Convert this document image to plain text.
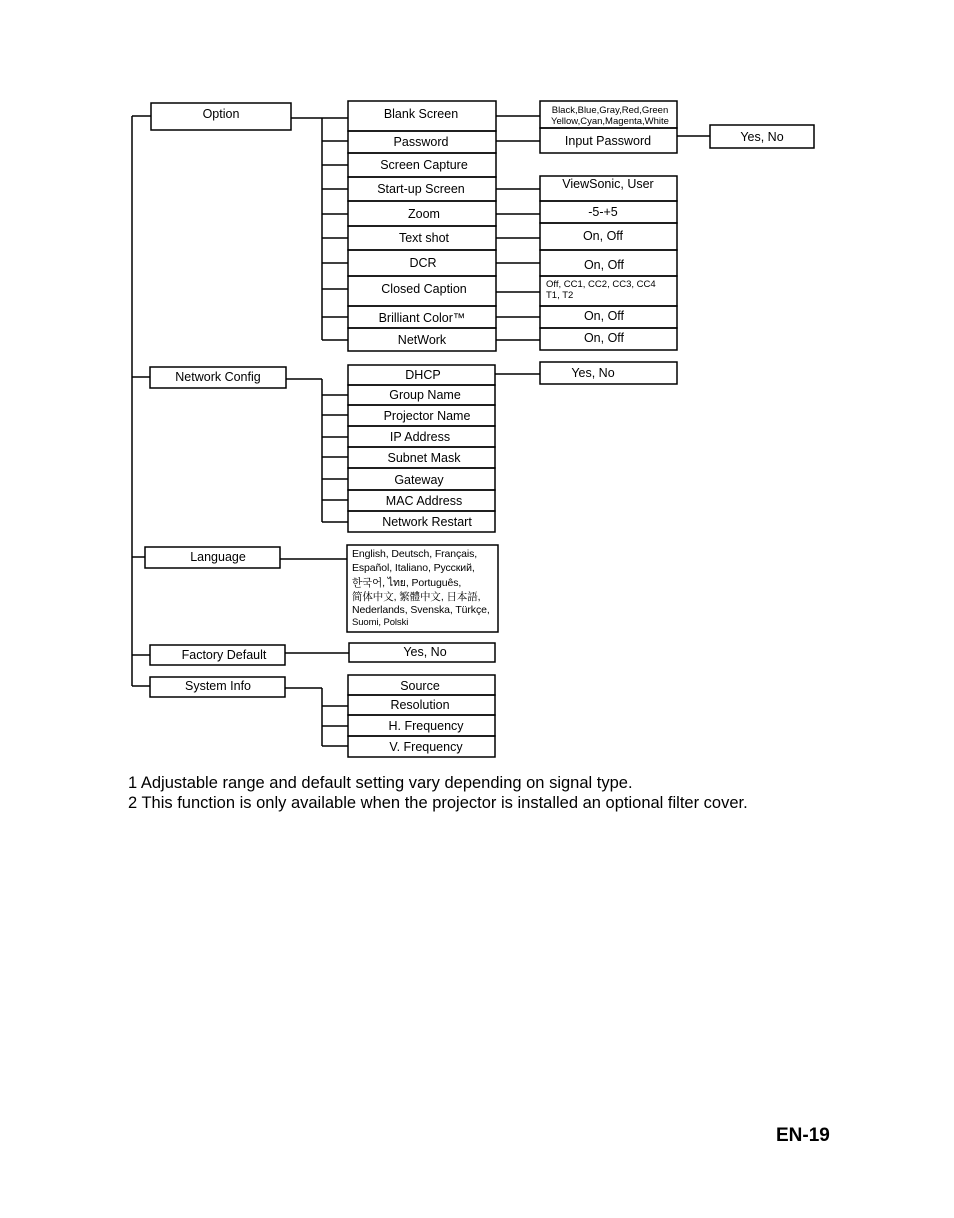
Option
Network Config
Language
Factory Default
System Info
Blank Screen
Password
Screen Capture
Start-up Screen
Zoom
Text shot
DCR
Closed Caption
Brilliant Color™
NetWork
Black,Blue,Gray,Red,Green
Yellow,Cyan,Magenta,White
Input Password	Yes, No
ViewSonic, User
-5-+5
On, Off
On, Off
On, Off
On, Off
Off, CC1, CC2, CC3, CC4
T1, T2
DHCP
Group Name
Projector Name
IP Address
Subnet Mask
Gateway
MAC Address
Network Restart
Yes, No
Yes, No
Source
Resolution
H. Frequency
V. Frequency
English, Deutsch, Français,
Español, Italiano, Русский,
한국어, ไทย, Português,
简体中文, 繁體中文, 日本語,
Nederlands, Svenska, Türkçe,
Suomi, Polski
1 Adjustable range and default setting vary depending on signal type.
2 This function is only available when the projector is installed an optional filter cover.
EN-19
